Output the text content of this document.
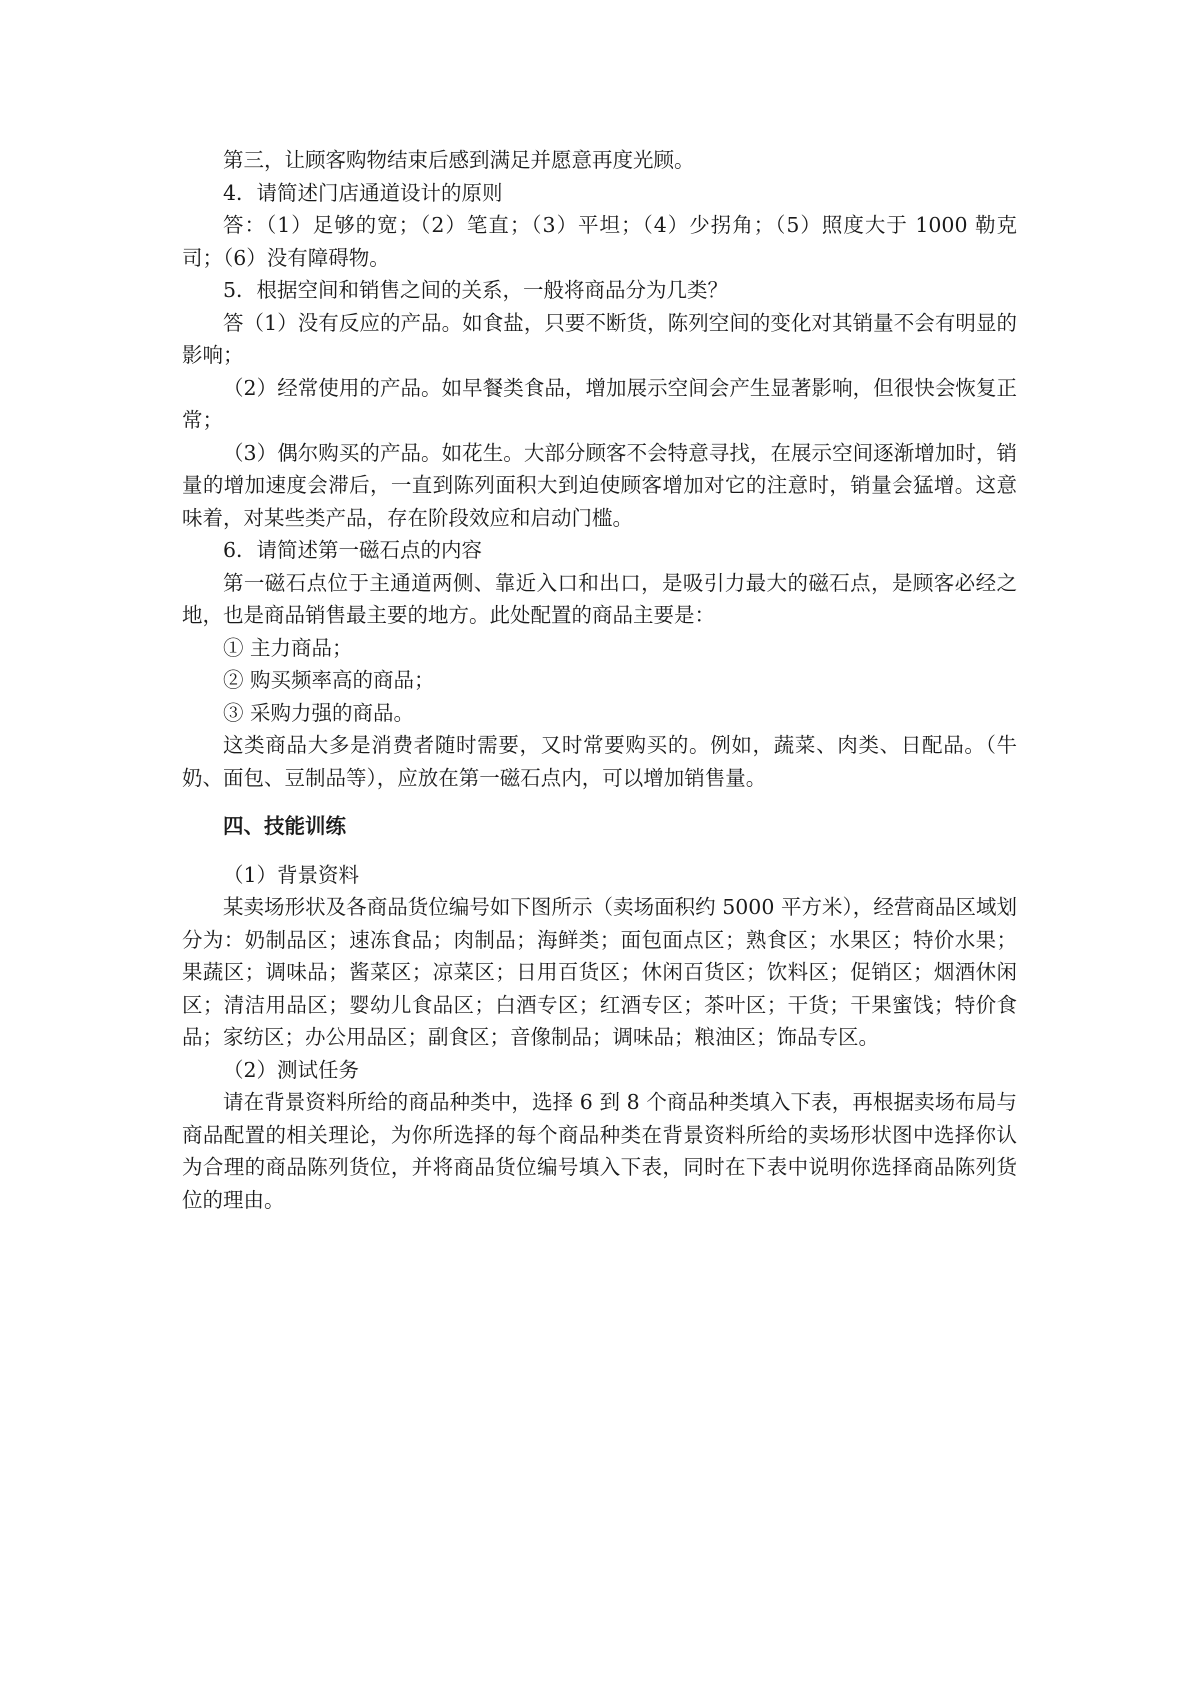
第三，让顾客购物结束后感到满足并愿意再度光顾。

4．请简述门店通道设计的原则

答：（1）足够的宽；（2）笔直；（3）平坦；（4）少拐角；（5）照度大于 1000 勒克司；（6）没有障碍物。

5．根据空间和销售之间的关系，一般将商品分为几类？

答（1）没有反应的产品。如食盐，只要不断货，陈列空间的变化对其销量不会有明显的影响；

（2）经常使用的产品。如早餐类食品，增加展示空间会产生显著影响，但很快会恢复正常；

（3）偶尔购买的产品。如花生。大部分顾客不会特意寻找，在展示空间逐渐增加时，销量的增加速度会滞后，一直到陈列面积大到迫使顾客增加对它的注意时，销量会猛增。这意味着，对某些类产品，存在阶段效应和启动门槛。

6．请简述第一磁石点的内容

第一磁石点位于主通道两侧、靠近入口和出口，是吸引力最大的磁石点，是顾客必经之地，也是商品销售最主要的地方。此处配置的商品主要是：

① 主力商品；

② 购买频率高的商品；

③ 采购力强的商品。

这类商品大多是消费者随时需要，又时常要购买的。例如，蔬菜、肉类、日配品。（牛奶、面包、豆制品等），应放在第一磁石点内，可以增加销售量。

四、技能训练

（1）背景资料

某卖场形状及各商品货位编号如下图所示（卖场面积约 5000 平方米），经营商品区域划分为：奶制品区；速冻食品；肉制品；海鲜类；面包面点区；熟食区；水果区；特价水果；果蔬区；调味品；酱菜区；凉菜区；日用百货区；休闲百货区；饮料区；促销区；烟酒休闲区；清洁用品区；婴幼儿食品区；白酒专区；红酒专区；茶叶区；干货；干果蜜饯；特价食品；家纺区；办公用品区；副食区；音像制品；调味品；粮油区；饰品专区。

（2）测试任务

请在背景资料所给的商品种类中，选择 6 到 8 个商品种类填入下表，再根据卖场布局与商品配置的相关理论，为你所选择的每个商品种类在背景资料所给的卖场形状图中选择你认为合理的商品陈列货位，并将商品货位编号填入下表，同时在下表中说明你选择商品陈列货位的理由。
